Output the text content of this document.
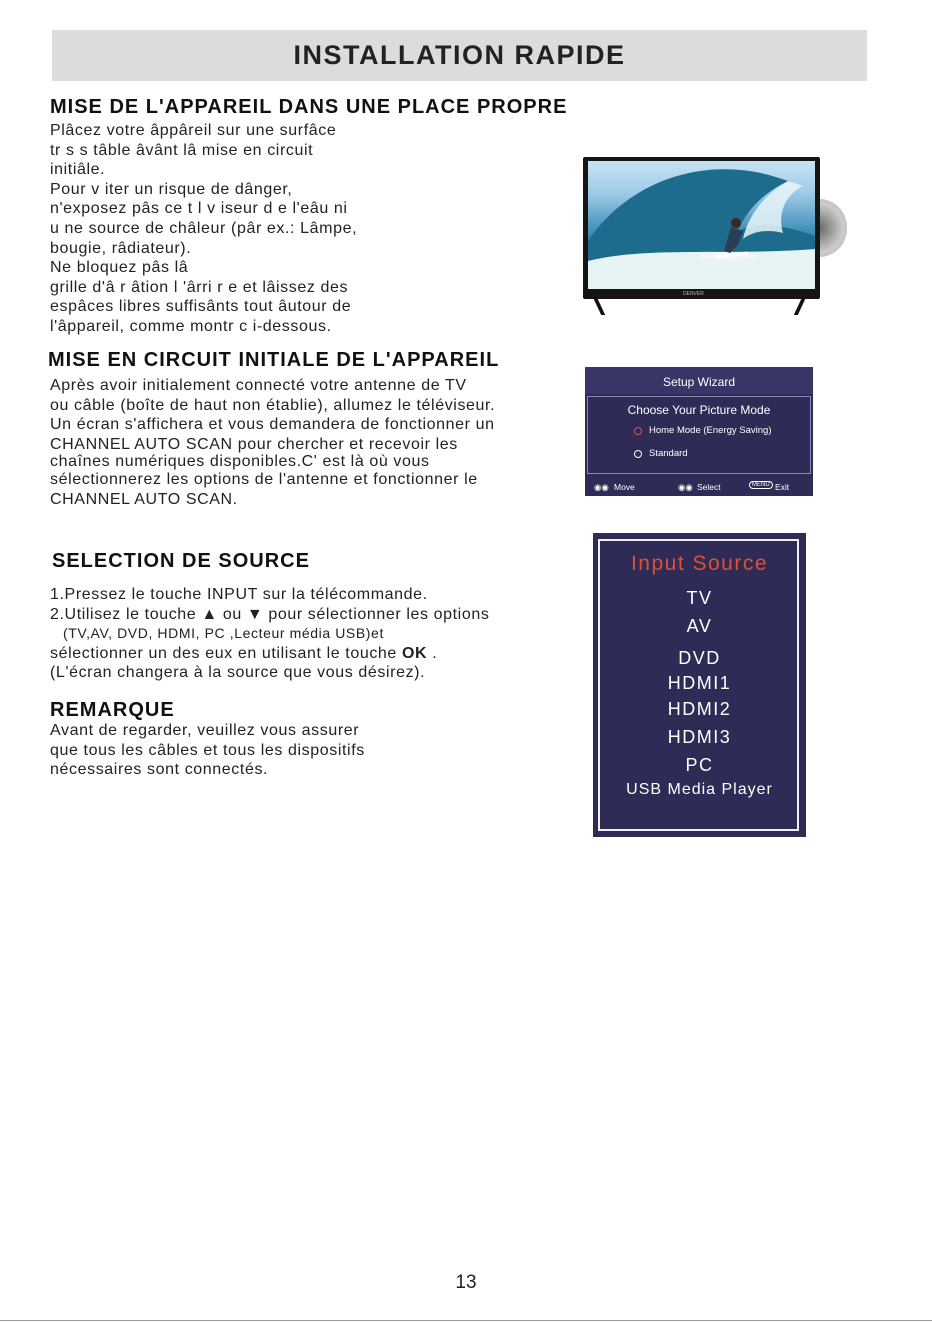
INSTALLATION RAPIDE
MISE DE L'APPAREIL DANS UNE PLACE PROPRE
Plâcez votre âppâreil sur une surfâce
tr s s tâble âvânt lâ mise en circuit
initiâle.
Pour v iter un risque de dânger,
n'exposez pâs ce t l v iseur d e l'eâu ni
u ne source de châleur (pâr ex.: Lâmpe,
bougie, râdiateur).
Ne bloquez pâs lâ
grille d'â r âtion l 'ârri r e et lâissez des
espâces libres suffisânts tout âutour de
l'âppareil, comme montr c i-dessous.
DENVER
MISE EN CIRCUIT INITIALE DE L'APPAREIL
Après avoir initialement connecté votre antenne de TV
ou câble (boîte de haut non établie), allumez le téléviseur.
Un écran s'affichera et vous demandera de fonctionner un
CHANNEL AUTO SCAN pour chercher et recevoir les
chaînes numériques disponibles.C' est là où vous
sélectionnerez les options de l'antenne et fonctionner le
CHANNEL AUTO SCAN.
Setup Wizard
Choose Your Picture Mode
Home Mode (Energy Saving)
Standard
◉◉ Move	◉◉ Select	MENU Exit
SELECTION DE SOURCE
1.Pressez le touche INPUT sur la télécommande.
2.Utilisez le touche ▲ ou ▼ pour sélectionner les options
(TV,AV, DVD, HDMI, PC ,Lecteur média USB)et
sélectionner un des eux en utilisant le touche OK .
(L'écran changera à la source que vous désirez).
REMARQUE
Avant de regarder, veuillez vous assurer
que tous les câbles et tous les dispositifs
nécessaires sont connectés.
Input Source
TV
AV
DVD
HDMI1
HDMI2
HDMI3
PC
USB Media Player
13
